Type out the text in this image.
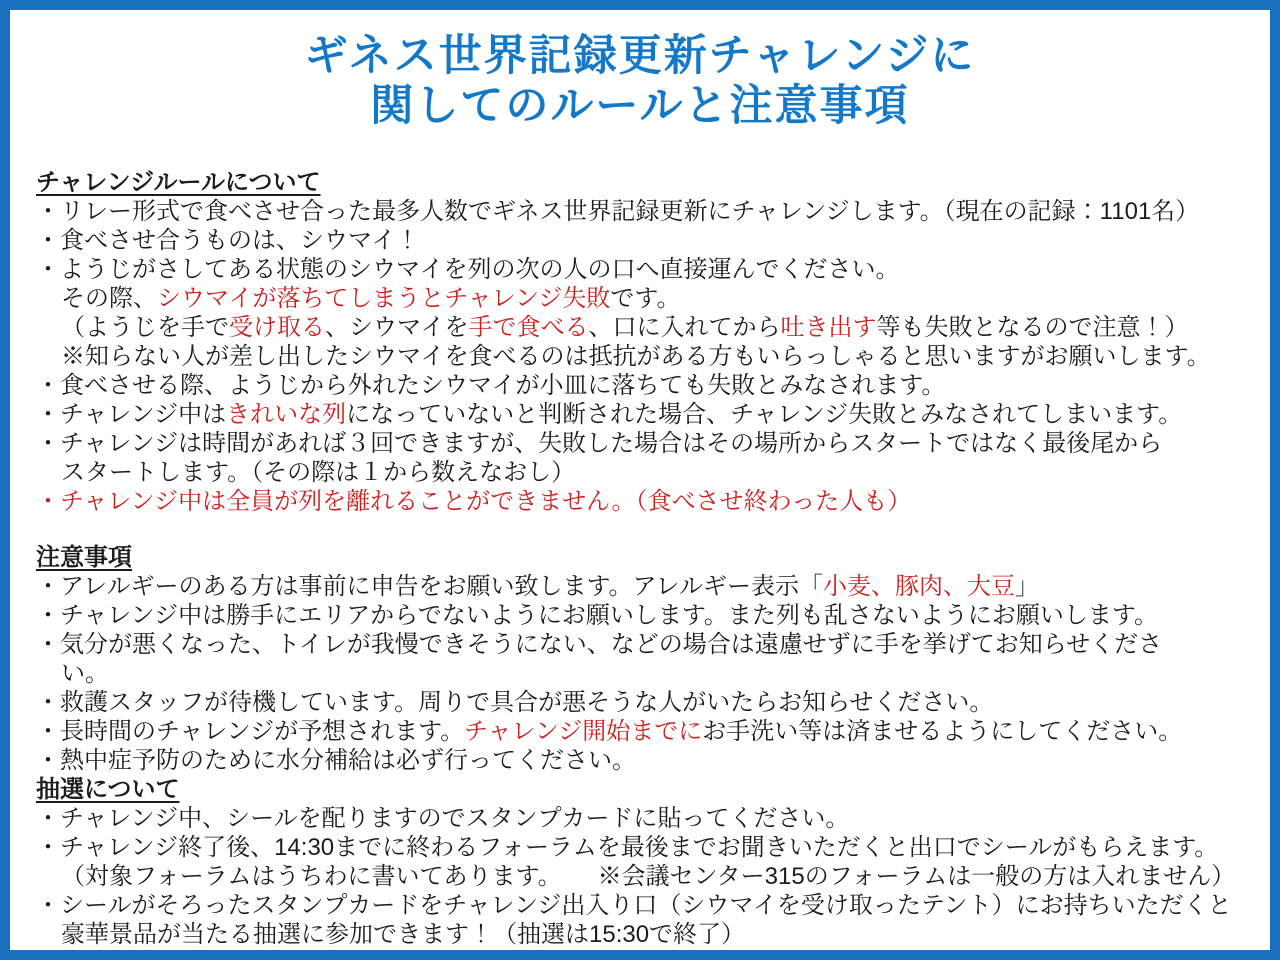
ギネス世界記録更新チャレンジに
関してのルールと注意事項
チャレンジルールについて
・リレー形式で食べさせ合った最多人数でギネス世界記録更新にチャレンジします。（現在の記録：1101名）
・食べさせ合うものは、シウマイ！
・ようじがさしてある状態のシウマイを列の次の人の口へ直接運んでください。
その際、シウマイが落ちてしまうとチャレンジ失敗です。
（ようじを手で受け取る、シウマイを手で食べる、口に入れてから吐き出す等も失敗となるので注意！）
※知らない人が差し出したシウマイを食べるのは抵抗がある方もいらっしゃると思いますがお願いします。
・食べさせる際、ようじから外れたシウマイが小皿に落ちても失敗とみなされます。
・チャレンジ中はきれいな列になっていないと判断された場合、チャレンジ失敗とみなされてしまいます。
・チャレンジは時間があれば３回できますが、失敗した場合はその場所からスタートではなく最後尾から
スタートします。（その際は１から数えなおし）
・チャレンジ中は全員が列を離れることができません。（食べさせ終わった人も）
注意事項
・アレルギーのある方は事前に申告をお願い致します。アレルギー表示「小麦、豚肉、大豆」
・チャレンジ中は勝手にエリアからでないようにお願いします。また列も乱さないようにお願いします。
・気分が悪くなった、トイレが我慢できそうにない、などの場合は遠慮せずに手を挙げてお知らせくださ
い。
・救護スタッフが待機しています。周りで具合が悪そうな人がいたらお知らせください。
・長時間のチャレンジが予想されます。チャレンジ開始までにお手洗い等は済ませるようにしてください。
・熱中症予防のために水分補給は必ず行ってください。
抽選について
・チャレンジ中、シールを配りますのでスタンプカードに貼ってください。
・チャレンジ終了後、14:30までに終わるフォーラムを最後までお聞きいただくと出口でシールがもらえます。
（対象フォーラムはうちわに書いてあります。　　※会議センター315のフォーラムは一般の方は入れません）
・シールがそろったスタンプカードをチャレンジ出入り口（シウマイを受け取ったテント）にお持ちいただくと
豪華景品が当たる抽選に参加できます！（抽選は15:30で終了）
